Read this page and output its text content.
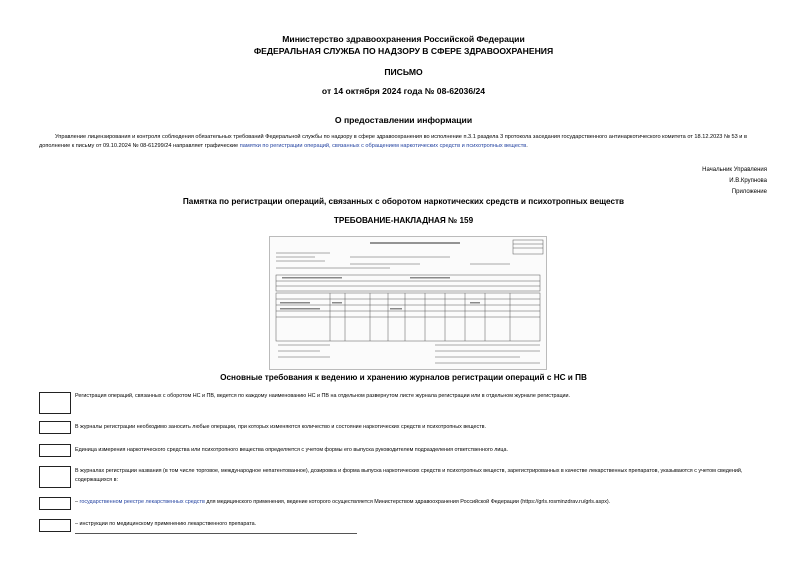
Министерство здравоохранения Российской Федерации
ФЕДЕРАЛЬНАЯ СЛУЖБА ПО НАДЗОРУ В СФЕРЕ ЗДРАВООХРАНЕНИЯ
ПИСЬМО
от 14 октября 2024 года № 08-62036/24
О предоставлении информации
Управление лицензирования и контроля соблюдения обязательных требований Федеральной службы по надзору в сфере здравоохранения во исполнение п.3.1 раздела 3 протокола заседания государственного антинаркотического комитета от 18.12.2023 № 53 и в дополнение к письму от 09.10.2024 № 08-61299/24 направляет графические памятки по регистрации операций, связанных с обращением наркотических средств и психотропных веществ.
Начальник Управления
И.В.Крупнова
Приложение
Памятка по регистрации операций, связанных с оборотом наркотических средств и психотропных веществ
ТРЕБОВАНИЕ-НАКЛАДНАЯ № 159
Основные требования к ведению и хранению журналов регистрации операций с НС и ПВ
Регистрация операций, связанных с оборотом НС и ПВ, ведется по каждому наименованию НС и ПВ на отдельном развернутом листе журнала регистрации или в отдельном журнале регистрации.
В журналы регистрации необходимо заносить любые операции, при которых изменяются количество и состояние наркотических средств и психотропных веществ.
Единица измерения наркотического средства или психотропного вещества определяется с учетом формы его выпуска руководителем подразделения ответственного лица.
В журналах регистрации названия (в том числе торговое, международное непатентованное), дозировка и форма выпуска наркотических средств и психотропных веществ, зарегистрированных в качестве лекарственных препаратов, указываются с учетом сведений, содержащихся в:
– государственном реестре лекарственных средств для медицинского применения, ведение которого осуществляется Министерством здравоохранения Российской Федерации (https://grls.rosminzdrav.ru/grls.aspx).
– инструкции по медицинскому применению лекарственного препарата.
